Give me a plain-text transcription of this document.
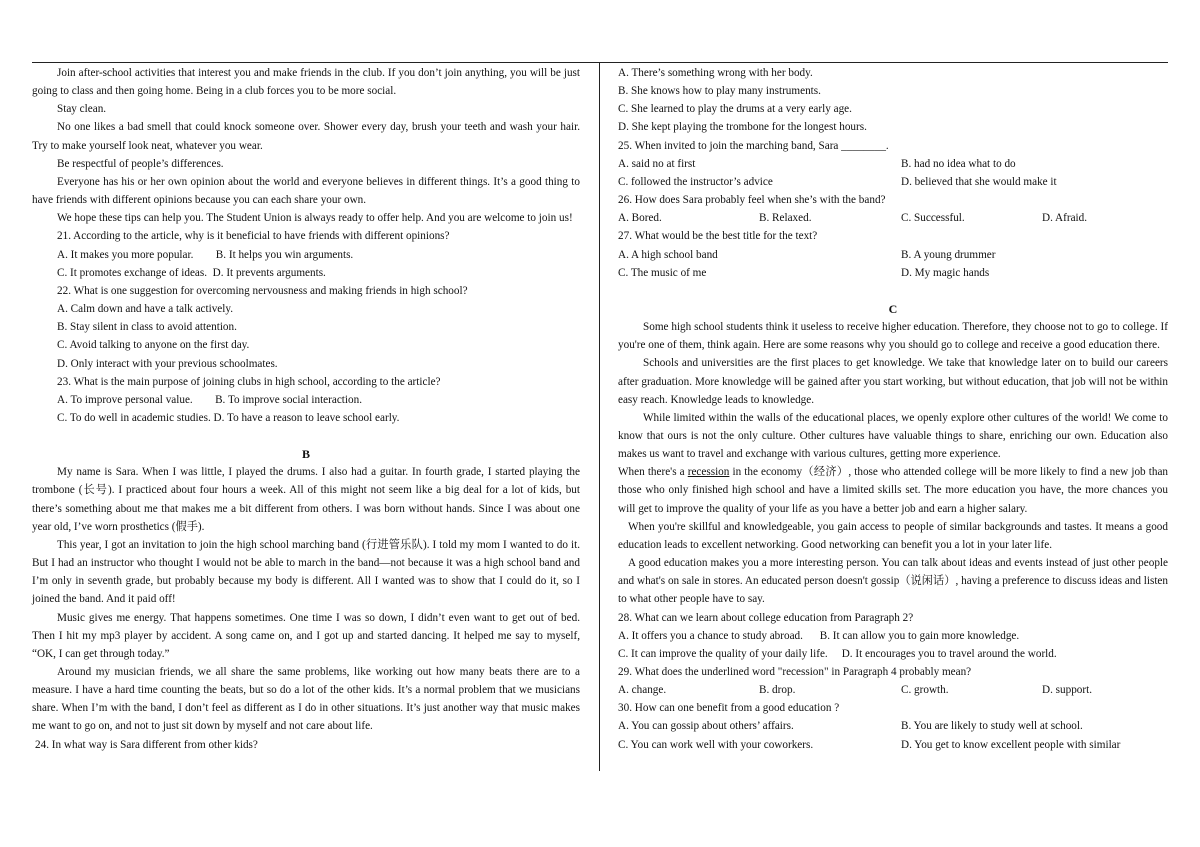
Join after-school activities that interest you and make friends in the club. If you don’t join anything, you will be just going to class and then going home. Being in a club forces you to be more social.

Stay clean.

No one likes a bad smell that could knock someone over. Shower every day, brush your teeth and wash your hair. Try to make yourself look neat, whatever you wear.

Be respectful of people’s differences.

Everyone has his or her own opinion about the world and everyone believes in different things. It’s a good thing to have friends with different opinions because you can each share your own.

We hope these tips can help you. The Student Union is always ready to offer help. And you are welcome to join us!

21. According to the article, why is it beneficial to have friends with different opinions?

A. It makes you more popular. B. It helps you win arguments.

C. It promotes exchange of ideas. D. It prevents arguments.

22. What is one suggestion for overcoming nervousness and making friends in high school?

A. Calm down and have a talk actively.

B. Stay silent in class to avoid attention.

C. Avoid talking to anyone on the first day.

D. Only interact with your previous schoolmates.

23. What is the main purpose of joining clubs in high school, according to the article?

A. To improve personal value. B. To improve social interaction.

C. To do well in academic studies. D. To have a reason to leave school early.

B

My name is Sara. When I was little, I played the drums. I also had a guitar. In fourth grade, I started playing the trombone (长号). I practiced about four hours a week. All of this might not seem like a big deal for a lot of kids, but there’s something about me that makes me a bit different from others. I was born without hands. Since I was about one year old, I’ve worn prosthetics (假手).

This year, I got an invitation to join the high school marching band (行进管乐队). I told my mom I wanted to do it. But I had an instructor who thought I would not be able to march in the band—not because it was a high school band and I’m only in seventh grade, but probably because my body is different. All I wanted was to show that I could do it, so I joined the band. And it paid off!

Music gives me energy. That happens sometimes. One time I was so down, I didn’t even want to get out of bed. Then I hit my mp3 player by accident. A song came on, and I got up and started dancing. It helped me say to myself, “OK, I can get through today.”

Around my musician friends, we all share the same problems, like working out how many beats there are to a measure. I have a hard time counting the beats, but so do a lot of the other kids. It’s a normal problem that we musicians share. When I’m with the band, I don’t feel as different as I do in other situations. It’s just another way that music makes me want to go on, and not to just sit down by myself and not care about life.

24. In what way is Sara different from other kids?

A. There’s something wrong with her body.

B. She knows how to play many instruments.

C. She learned to play the drums at a very early age.

D. She kept playing the trombone for the longest hours.

25. When invited to join the marching band, Sara ________.

A. said no at first	B. had no idea what to do
C. followed the instructor’s advice	D. believed that she would make it

26. How does Sara probably feel when she’s with the band?

A. Bored.	B. Relaxed.	C. Successful.	D. Afraid.

27. What would be the best title for the text?

A. A high school band	B. A young drummer
C. The music of me	D. My magic hands

C

Some high school students think it useless to receive higher education. Therefore, they choose not to go to college. If you're one of them, think again. Here are some reasons why you should go to college and receive a good education there.

Schools and universities are the first places to get knowledge. We take that knowledge later on to build our careers after graduation. More knowledge will be gained after you start working, but without education, that job will not be within easy reach. Knowledge leads to knowledge.

While limited within the walls of the educational places, we openly explore other cultures of the world! We come to know that ours is not the only culture. Other cultures have valuable things to share, enriching our own. Education also makes us want to travel and exchange with various cultures, getting more experience.

When there's a recession in the economy（经济）, those who attended college will be more likely to find a new job than those who only finished high school and have a limited skills set. The more education you have, the more chances you will get to improve the quality of your life as you have a better job and earn a higher salary.

When you're skillful and knowledgeable, you gain access to people of similar backgrounds and tastes. It means a good education leads to excellent networking. Good networking can benefit you a lot in your later life.

A good education makes you a more interesting person. You can talk about ideas and events instead of just other people and what's on sale in stores. An educated person doesn't gossip（说闲话）, having a preference to discuss ideas and listen to what other people have to say.

28. What can we learn about college education from Paragraph 2?

A. It offers you a chance to study abroad. B. It can allow you to gain more knowledge.

C. It can improve the quality of your daily life. D. It encourages you to travel around the world.

29. What does the underlined word "recession" in Paragraph 4 probably mean?

A. change.	B. drop.	C. growth.	D. support.

30. How can one benefit from a good education ?

A. You can gossip about others’ affairs.	B. You are likely to study well at school.
C. You can work well with your coworkers.	D. You get to know excellent people with similar
